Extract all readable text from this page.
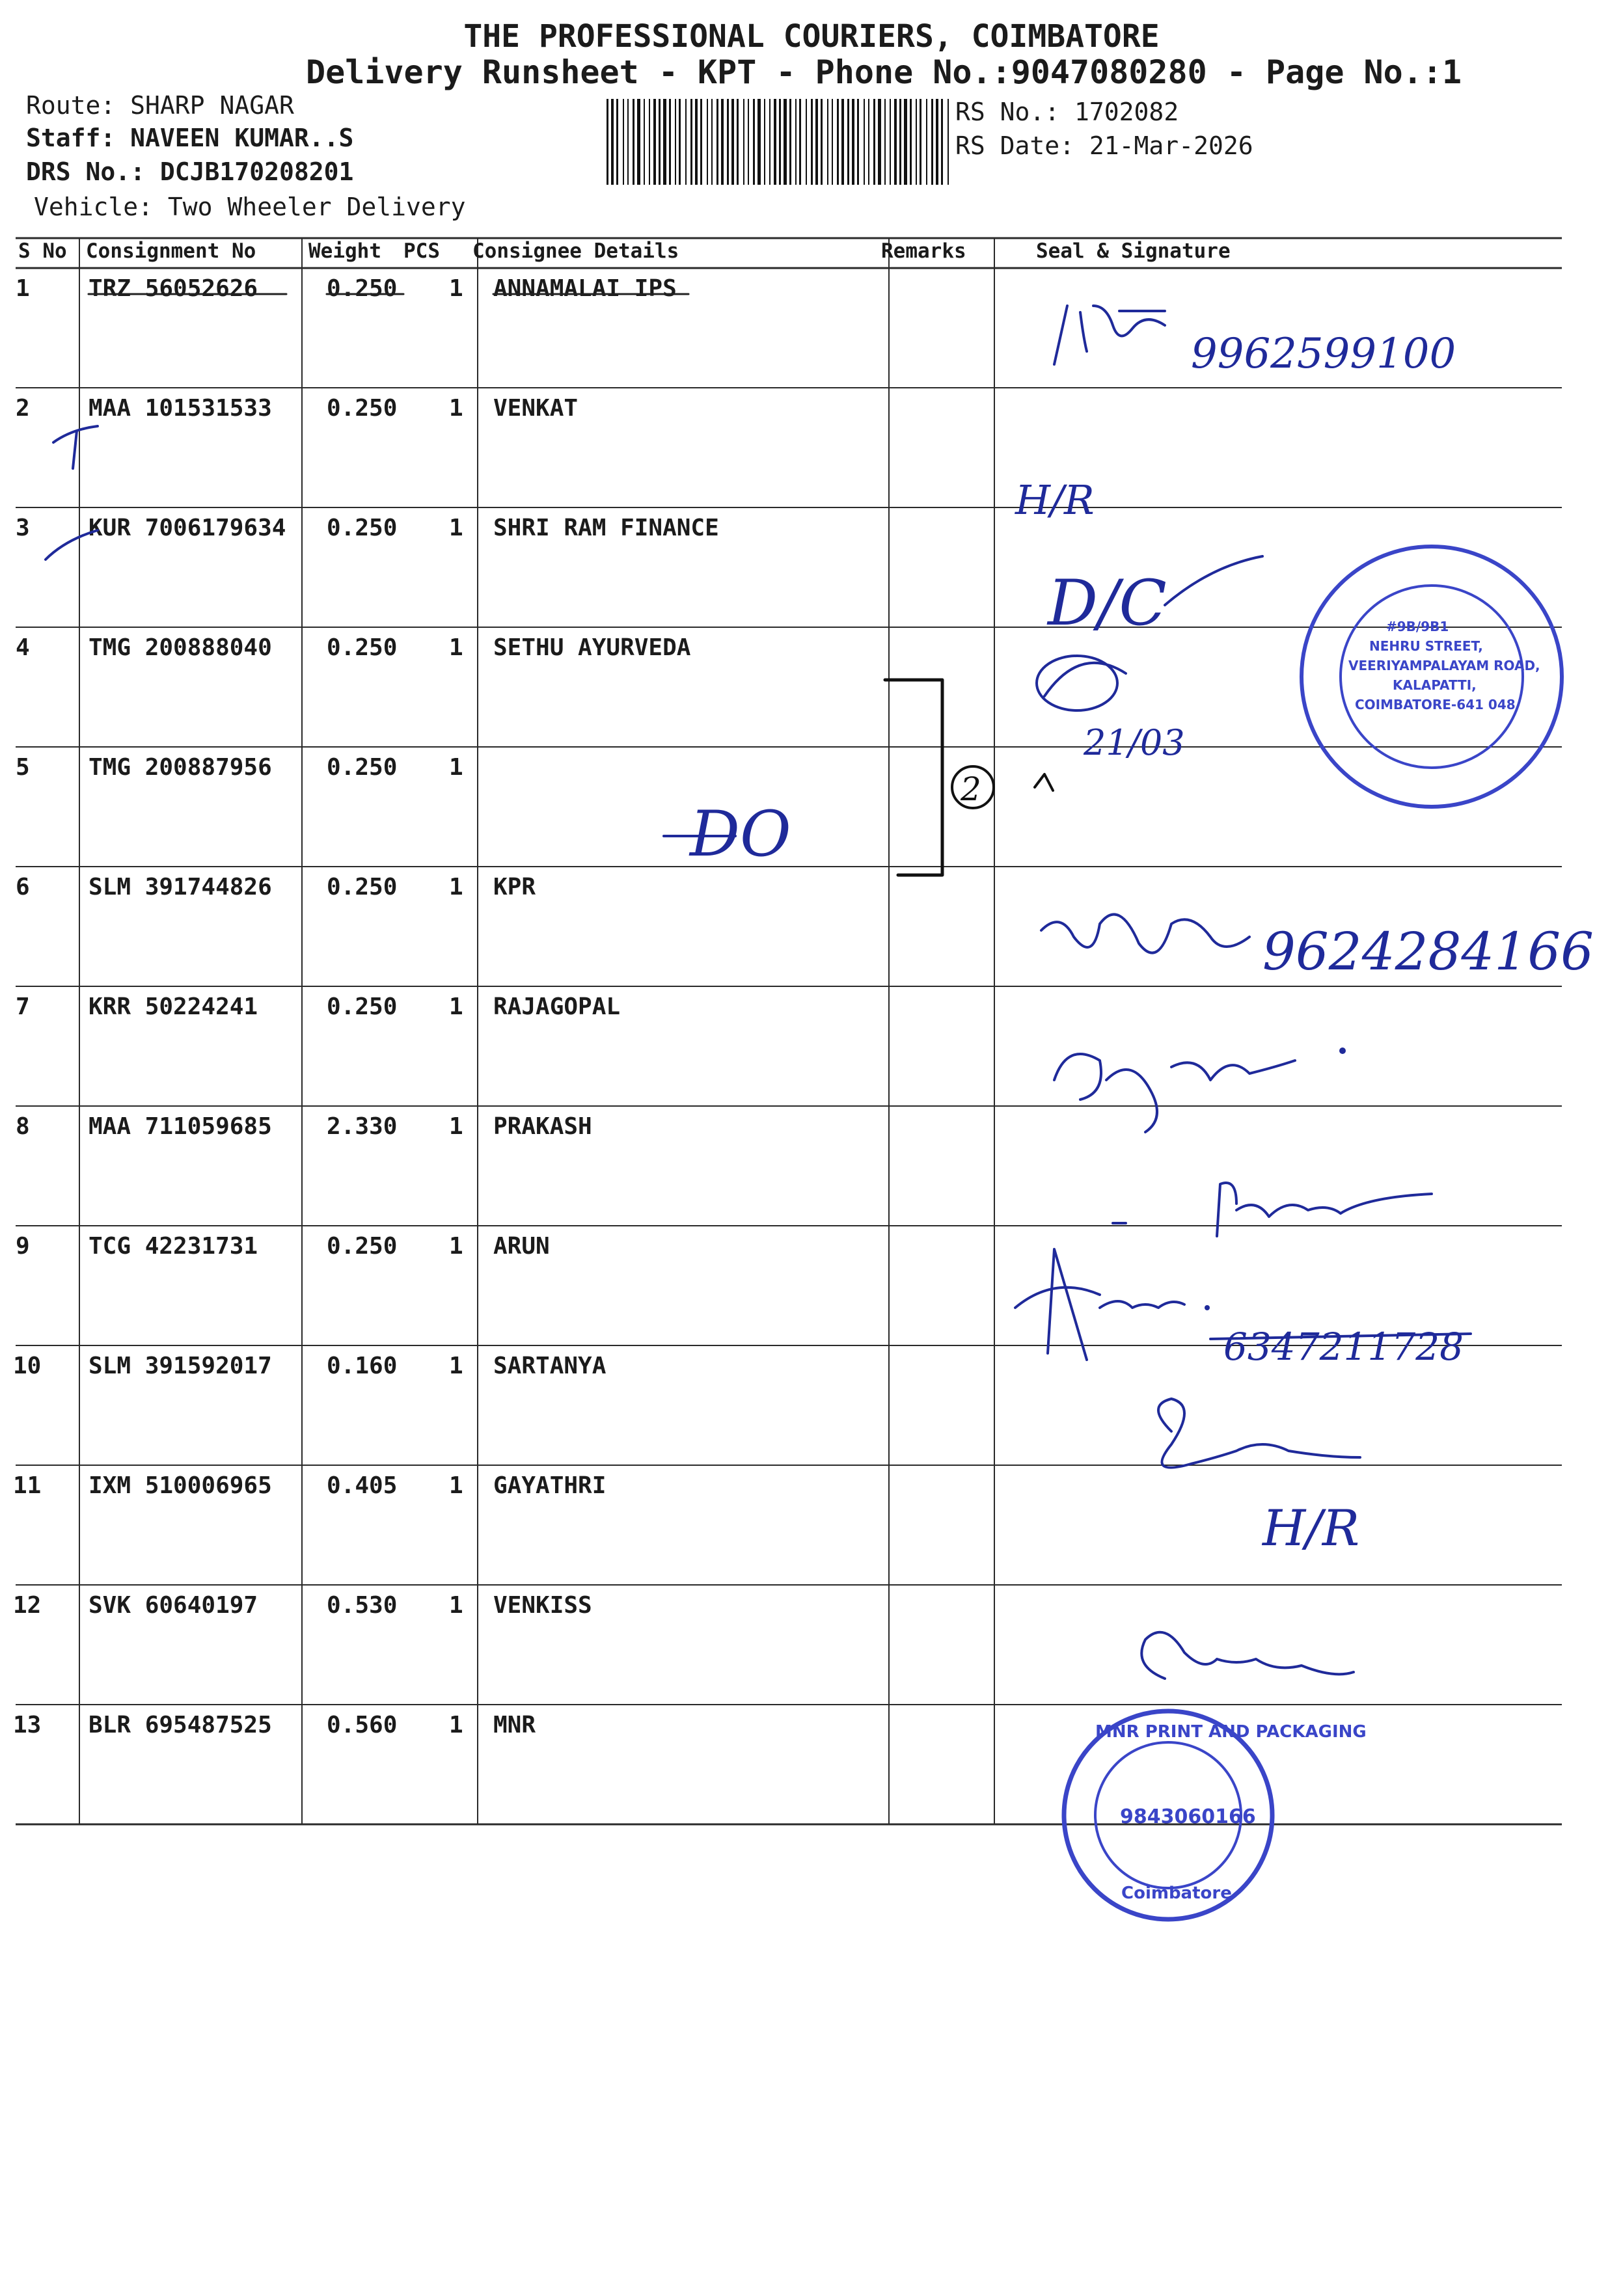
THE PROFESSIONAL COURIERS, COIMBATORE
Delivery Runsheet - KPT - Phone No.:9047080280 - Page No.:1
Route: SHARP NAGAR
Staff: NAVEEN KUMAR..S
DRS No.: DCJB170208201
Vehicle: Two Wheeler Delivery
RS No.: 1702082
RS Date: 21-Mar-2026
S No Consignment No	Weight PCS Consignee Details	Remarks	Seal & Signature
1	TRZ 56052626	0.250 1 ANNAMALAI IPS
2	MAA 101531533 0.250 1 VENKAT
3	KUR 7006179634 0.250 1 SHRI RAM FINANCE
4	TMG 200888040 0.250 1 SETHU AYURVEDA
5	TMG 200887956 0.250 1
6	SLM 391744826 0.250 1 KPR
7	KRR 50224241	0.250 1 RAJAGOPAL
8	MAA 711059685 2.330 1 PRAKASH
9	TCG 42231731	0.250 1 ARUN
10 SLM 391592017 0.160 1 SARTANYA
11 IXM 510006965 0.405 1 GAYATHRI
12 SVK 60640197	0.530 1 VENKISS
13 BLR 695487525 0.560 1 MNR
9962599100
H/R
D/C
21/03
2
DO
9624284166
6347211728
H/R
#9B/9B1
NEHRU STREET,
VEERIYAMPALAYAM ROAD,
KALAPATTI,
COIMBATORE-641 048
MNR PRINT AND PACKAGING
9843060166
Coimbatore
